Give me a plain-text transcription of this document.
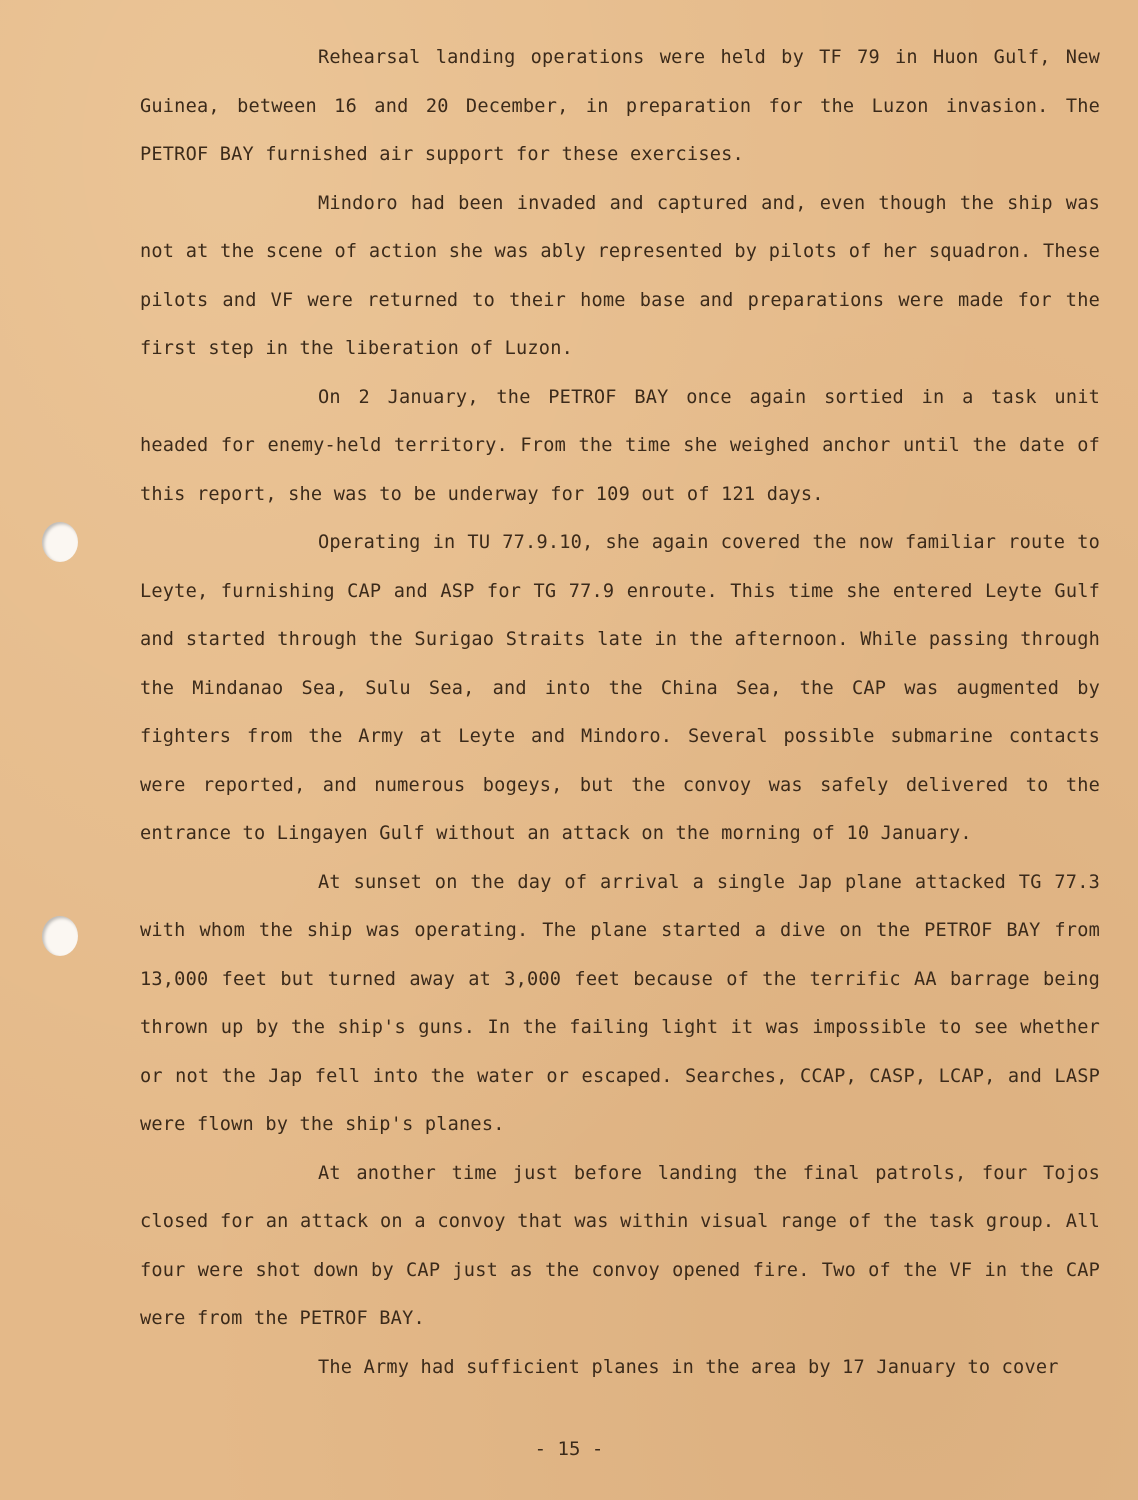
Rehearsal landing operations were held by TF 79 in Huon Gulf, New Guinea, between 16 and 20 December, in preparation for the Luzon invasion. The PETROF BAY furnished air support for these exercises.

Mindoro had been invaded and captured and, even though the ship was not at the scene of action she was ably represented by pilots of her squadron. These pilots and VF were returned to their home base and preparations were made for the first step in the liberation of Luzon.

On 2 January, the PETROF BAY once again sortied in a task unit headed for enemy-held territory. From the time she weighed anchor until the date of this report, she was to be underway for 109 out of 121 days.

Operating in TU 77.9.10, she again covered the now familiar route to Leyte, furnishing CAP and ASP for TG 77.9 enroute. This time she entered Leyte Gulf and started through the Surigao Straits late in the afternoon. While passing through the Mindanao Sea, Sulu Sea, and into the China Sea, the CAP was augmented by fighters from the Army at Leyte and Mindoro. Several possible submarine contacts were reported, and numerous bogeys, but the convoy was safely delivered to the entrance to Lingayen Gulf without an attack on the morning of 10 January.

At sunset on the day of arrival a single Jap plane attacked TG 77.3 with whom the ship was operating. The plane started a dive on the PETROF BAY from 13,000 feet but turned away at 3,000 feet because of the terrific AA barrage being thrown up by the ship's guns. In the failing light it was impossible to see whether or not the Jap fell into the water or escaped. Searches, CCAP, CASP, LCAP, and LASP were flown by the ship's planes.

At another time just before landing the final patrols, four Tojos closed for an attack on a convoy that was within visual range of the task group. All four were shot down by CAP just as the convoy opened fire. Two of the VF in the CAP were from the PETROF BAY.

The Army had sufficient planes in the area by 17 January to cover

- 15 -
